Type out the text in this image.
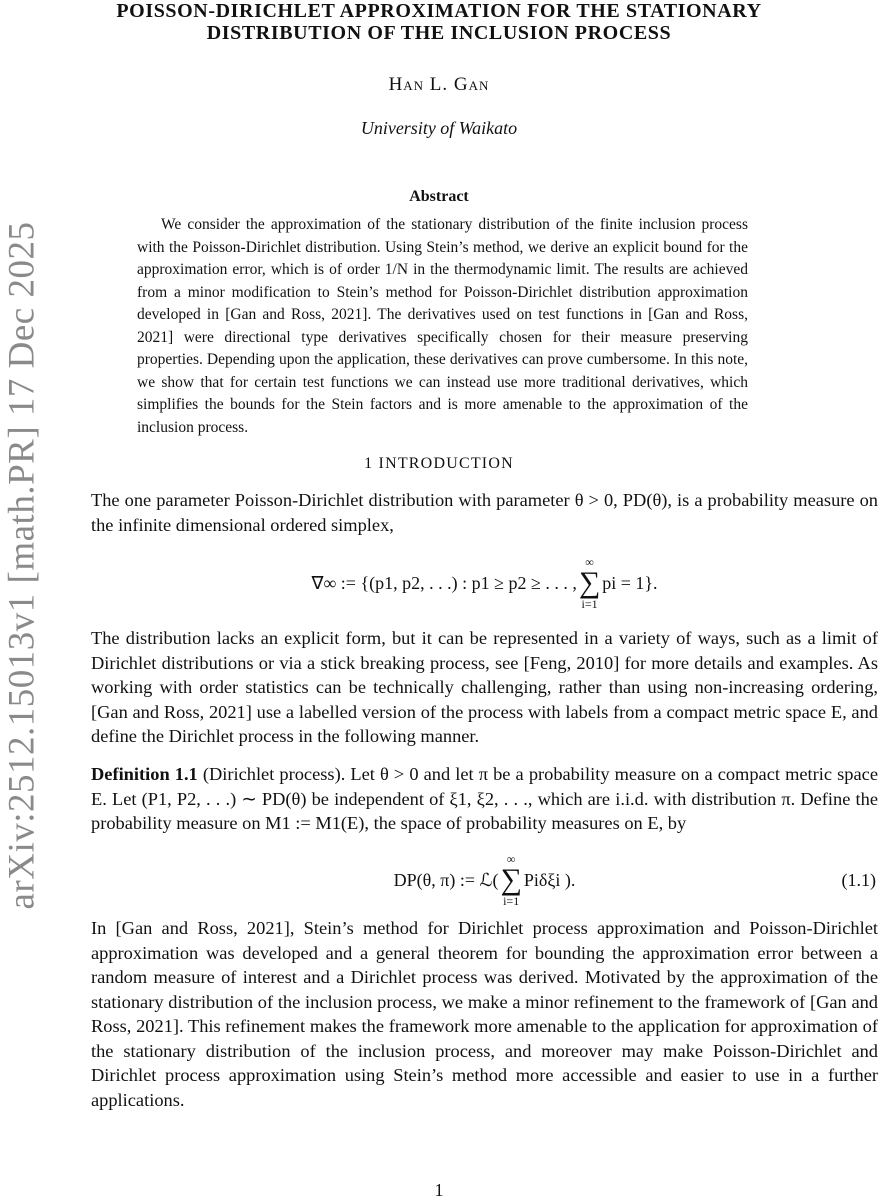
arXiv:2512.15013v1 [math.PR] 17 Dec 2025
POISSON-DIRICHLET APPROXIMATION FOR THE STATIONARY
DISTRIBUTION OF THE INCLUSION PROCESS
Han L. Gan
University of Waikato
Abstract
We consider the approximation of the stationary distribution of the finite inclusion process with the Poisson-Dirichlet distribution. Using Stein’s method, we derive an explicit bound for the approximation error, which is of order 1/N in the thermodynamic limit. The results are achieved from a minor modification to Stein’s method for Poisson-Dirichlet distribution approximation developed in [Gan and Ross, 2021]. The derivatives used on test functions in [Gan and Ross, 2021] were directional type derivatives specifically chosen for their measure preserving properties. Depending upon the application, these derivatives can prove cumbersome. In this note, we show that for certain test functions we can instead use more traditional derivatives, which simplifies the bounds for the Stein factors and is more amenable to the approximation of the inclusion process.
1 INTRODUCTION
The one parameter Poisson-Dirichlet distribution with parameter θ > 0, PD(θ), is a probability measure on the infinite dimensional ordered simplex,
∇∞ := {(p1, p2, . . .) : p1 ≥ p2 ≥ . . . ,
∞
∑
i=1
pi = 1}.
The distribution lacks an explicit form, but it can be represented in a variety of ways, such as a limit of Dirichlet distributions or via a stick breaking process, see [Feng, 2010] for more details and examples. As working with order statistics can be technically challenging, rather than using non-increasing ordering, [Gan and Ross, 2021] use a labelled version of the process with labels from a compact metric space E, and define the Dirichlet process in the following manner.
Definition 1.1 (Dirichlet process). Let θ > 0 and let π be a probability measure on a compact metric space E. Let (P1, P2, . . .) ∼ PD(θ) be independent of ξ1, ξ2, . . ., which are i.i.d. with distribution π. Define the probability measure on M1 := M1(E), the space of probability measures on E, by
DP(θ, π) := ℒ(
∞
∑
i=1
Piδξi ).	(1.1)
In [Gan and Ross, 2021], Stein’s method for Dirichlet process approximation and Poisson-Dirichlet approximation was developed and a general theorem for bounding the approximation error between a random measure of interest and a Dirichlet process was derived. Motivated by the approximation of the stationary distribution of the inclusion process, we make a minor refinement to the framework of [Gan and Ross, 2021]. This refinement makes the framework more amenable to the application for approximation of the stationary distribution of the inclusion process, and moreover may make Poisson-Dirichlet and Dirichlet process approximation using Stein’s method more accessible and easier to use in a further applications.
1
